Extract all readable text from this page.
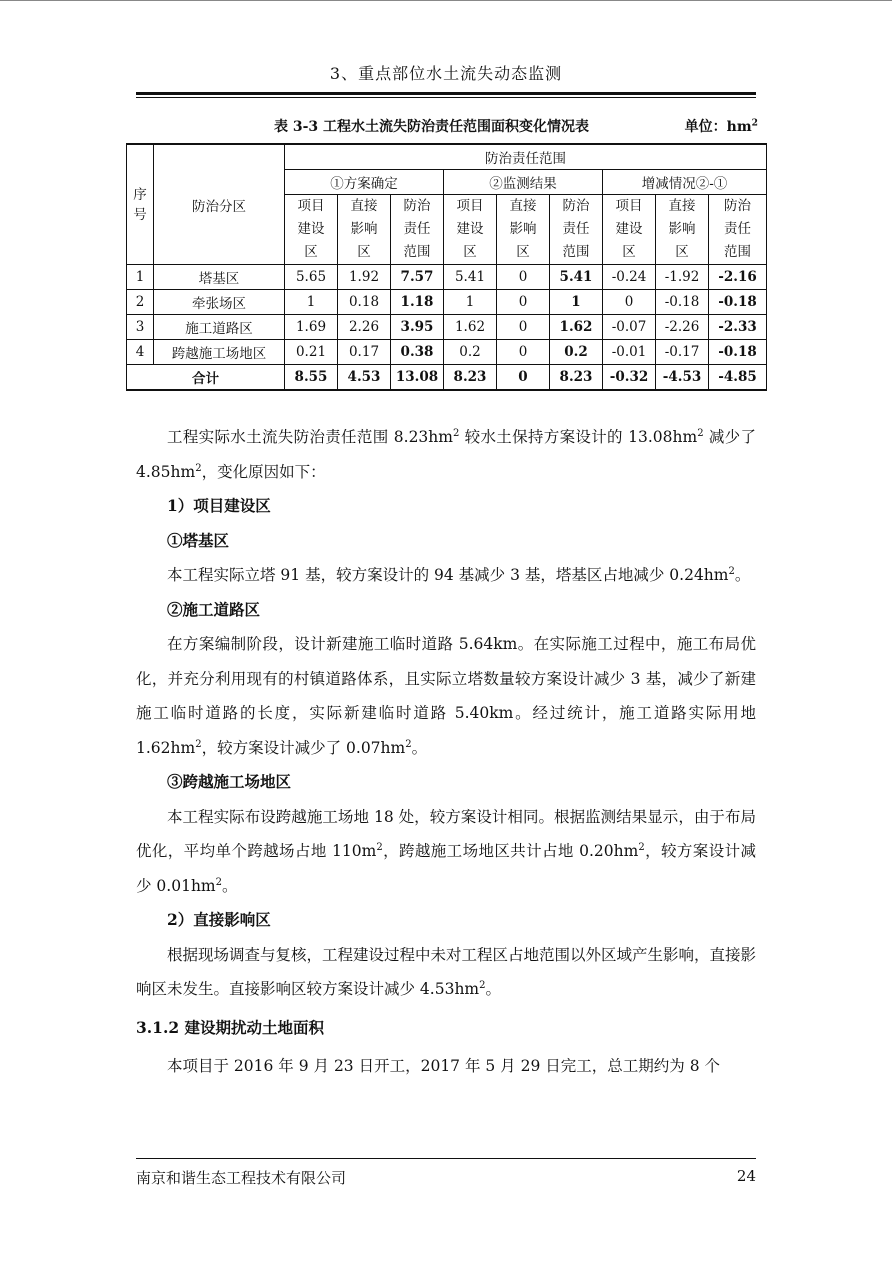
3、重点部位水土流失动态监测
表 3-3 工程水土流失防治责任范围面积变化情况表	单位：$hm^2$
序号	防治分区	防治责任范围								
		①方案确定			②监测结果			增减情况②-①		
		项目
建设
区	直接
影响
区	防治
责任
范围	项目
建设
区	直接
影响
区	防治
责任
范围	项目
建设
区	直接
影响
区	防治
责任
范围
1	塔基区	5.65	1.92	7.57	5.41	0	5.41	-0.24	-1.92	-2.16
2	牵张场区	1	0.18	1.18	1	0	1	0	-0.18	-0.18
3	施工道路区	1.69	2.26	3.95	1.62	0	1.62	-0.07	-2.26	-2.33
4	跨越施工场地区	0.21	0.17	0.38	0.2	0	0.2	-0.01	-0.17	-0.18
合计		8.55	4.53	13.08	8.23	0	8.23	-0.32	-4.53	-4.85

工程实际水土流失防治责任范围 $8.23hm^2$ 较水土保持方案设计的 $13.08hm^2$ 减少了 $4.85hm^2$，变化原因如下：

1）项目建设区

①塔基区

本工程实际立塔 91 基，较方案设计的 94 基减少 3 基，塔基区占地减少 $0.24hm^2$。

②施工道路区

在方案编制阶段，设计新建施工临时道路 5.64km。在实际施工过程中，施工布局优化，并充分利用现有的村镇道路体系，且实际立塔数量较方案设计减少 3 基，减少了新建施工临时道路的长度，实际新建临时道路 5.40km。经过统计，施工道路实际用地 $1.62hm^2$，较方案设计减少了 $0.07hm^2$。

③跨越施工场地区

本工程实际布设跨越施工场地 18 处，较方案设计相同。根据监测结果显示，由于布局优化，平均单个跨越场占地 $110m^2$，跨越施工场地区共计占地 $0.20hm^2$，较方案设计减少 $0.01hm^2$。

2）直接影响区

根据现场调查与复核，工程建设过程中未对工程区占地范围以外区域产生影响，直接影响区未发生。直接影响区较方案设计减少 $4.53hm^2$。

3.1.2 建设期扰动土地面积

本项目于 2016 年 9 月 23 日开工，2017 年 5 月 29 日完工，总工期约为 8 个

南京和谐生态工程技术有限公司	24
